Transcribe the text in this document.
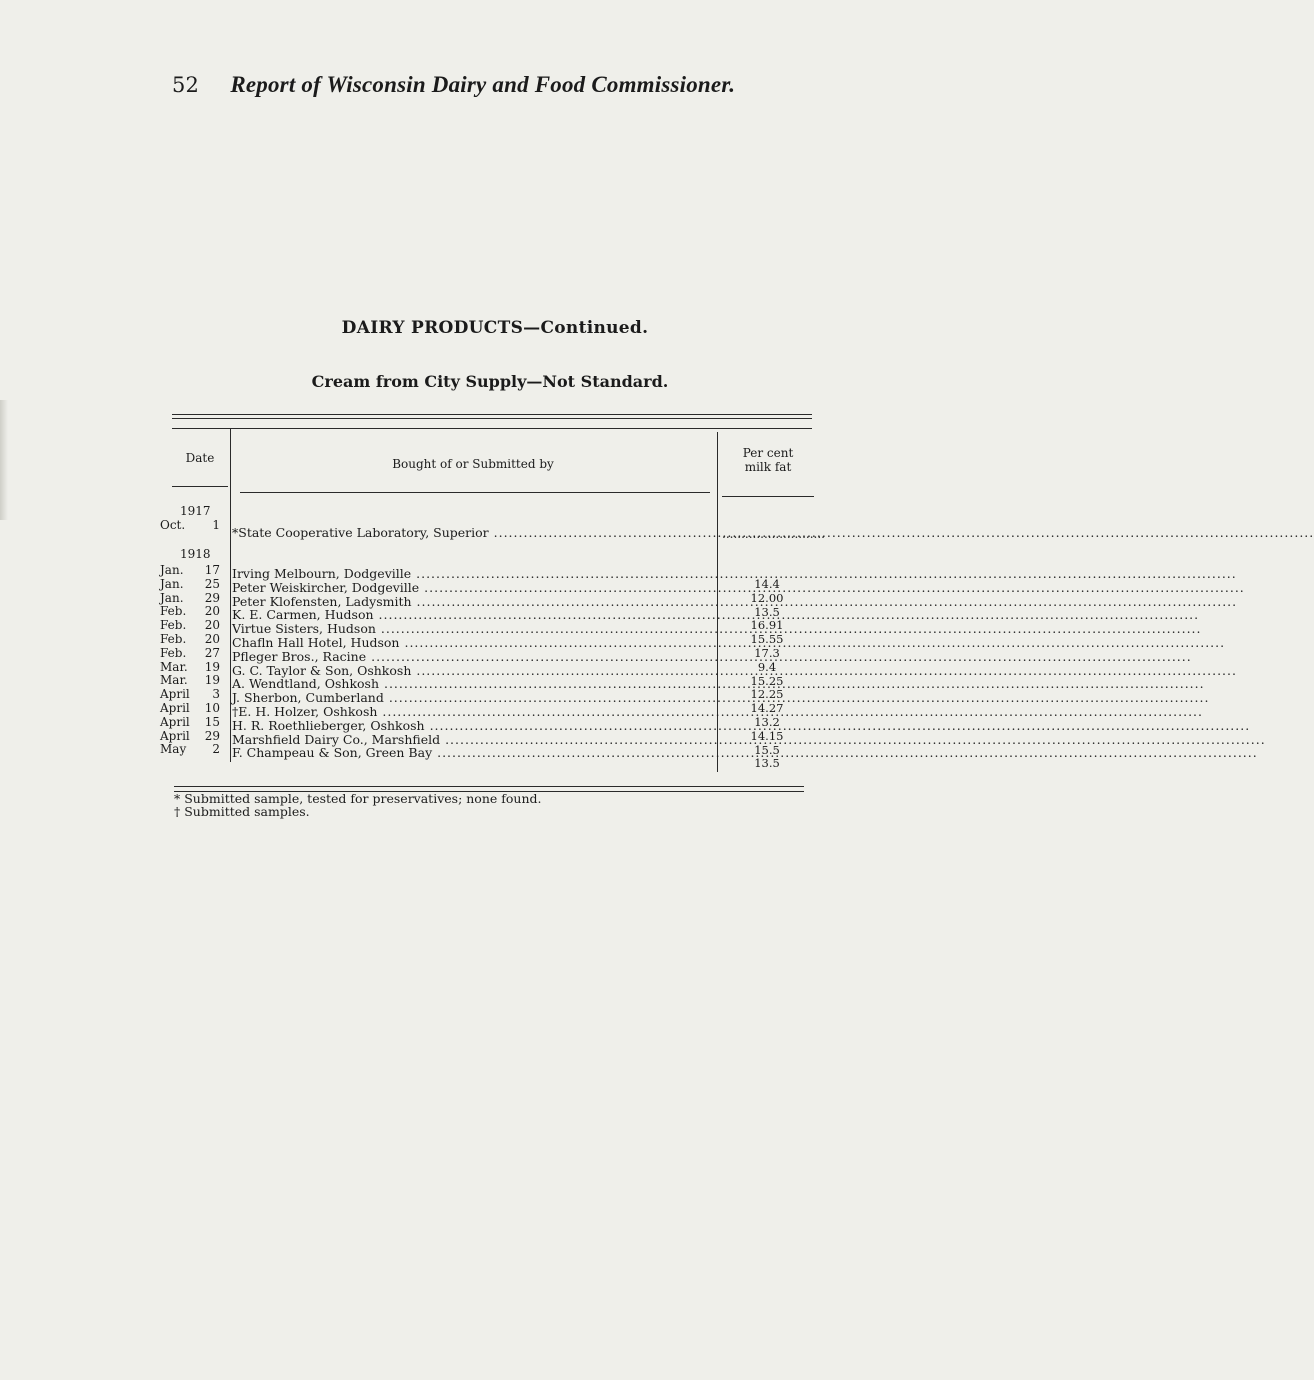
52 Report of Wisconsin Dairy and Food Commissioner.
DAIRY PRODUCTS—Continued.
Cream from City Supply—Not Standard.
Date	Bought of or Submitted by
Per cent
milk fat
1917
Oct. 1 *State Cooperative Laboratory, Superior .....	...........................
1918
Jan. 17 Irving Melbourn, Dodgeville .....
14.4
Jan. 25 Peter Weiskircher, Dodgeville .....
12.00
Jan. 29 Peter Klofensten, Ladysmith .....
13.5
Feb. 20 K. E. Carmen, Hudson .....
16.91
Feb. 20 Virtue Sisters, Hudson .....
15.55
Feb. 20 Chafln Hall Hotel, Hudson .....
17.3
Feb. 27 Pfleger Bros., Racine .....
9.4
Mar. 19 G. C. Taylor & Son, Oshkosh .....
15.25
Mar. 19 A. Wendtland, Oshkosh .....
12.25
April 3 J. Sherbon, Cumberland .....
14.27
April 10 †E. H. Holzer, Oshkosh .....
13.2
April 15 H. R. Roethlieberger, Oshkosh .....
14.15
April 29 Marshfield Dairy Co., Marshfield .....
15.5
May 2 F. Champeau & Son, Green Bay .....
13.5
* Submitted sample, tested for preservatives; none found.
† Submitted samples.
